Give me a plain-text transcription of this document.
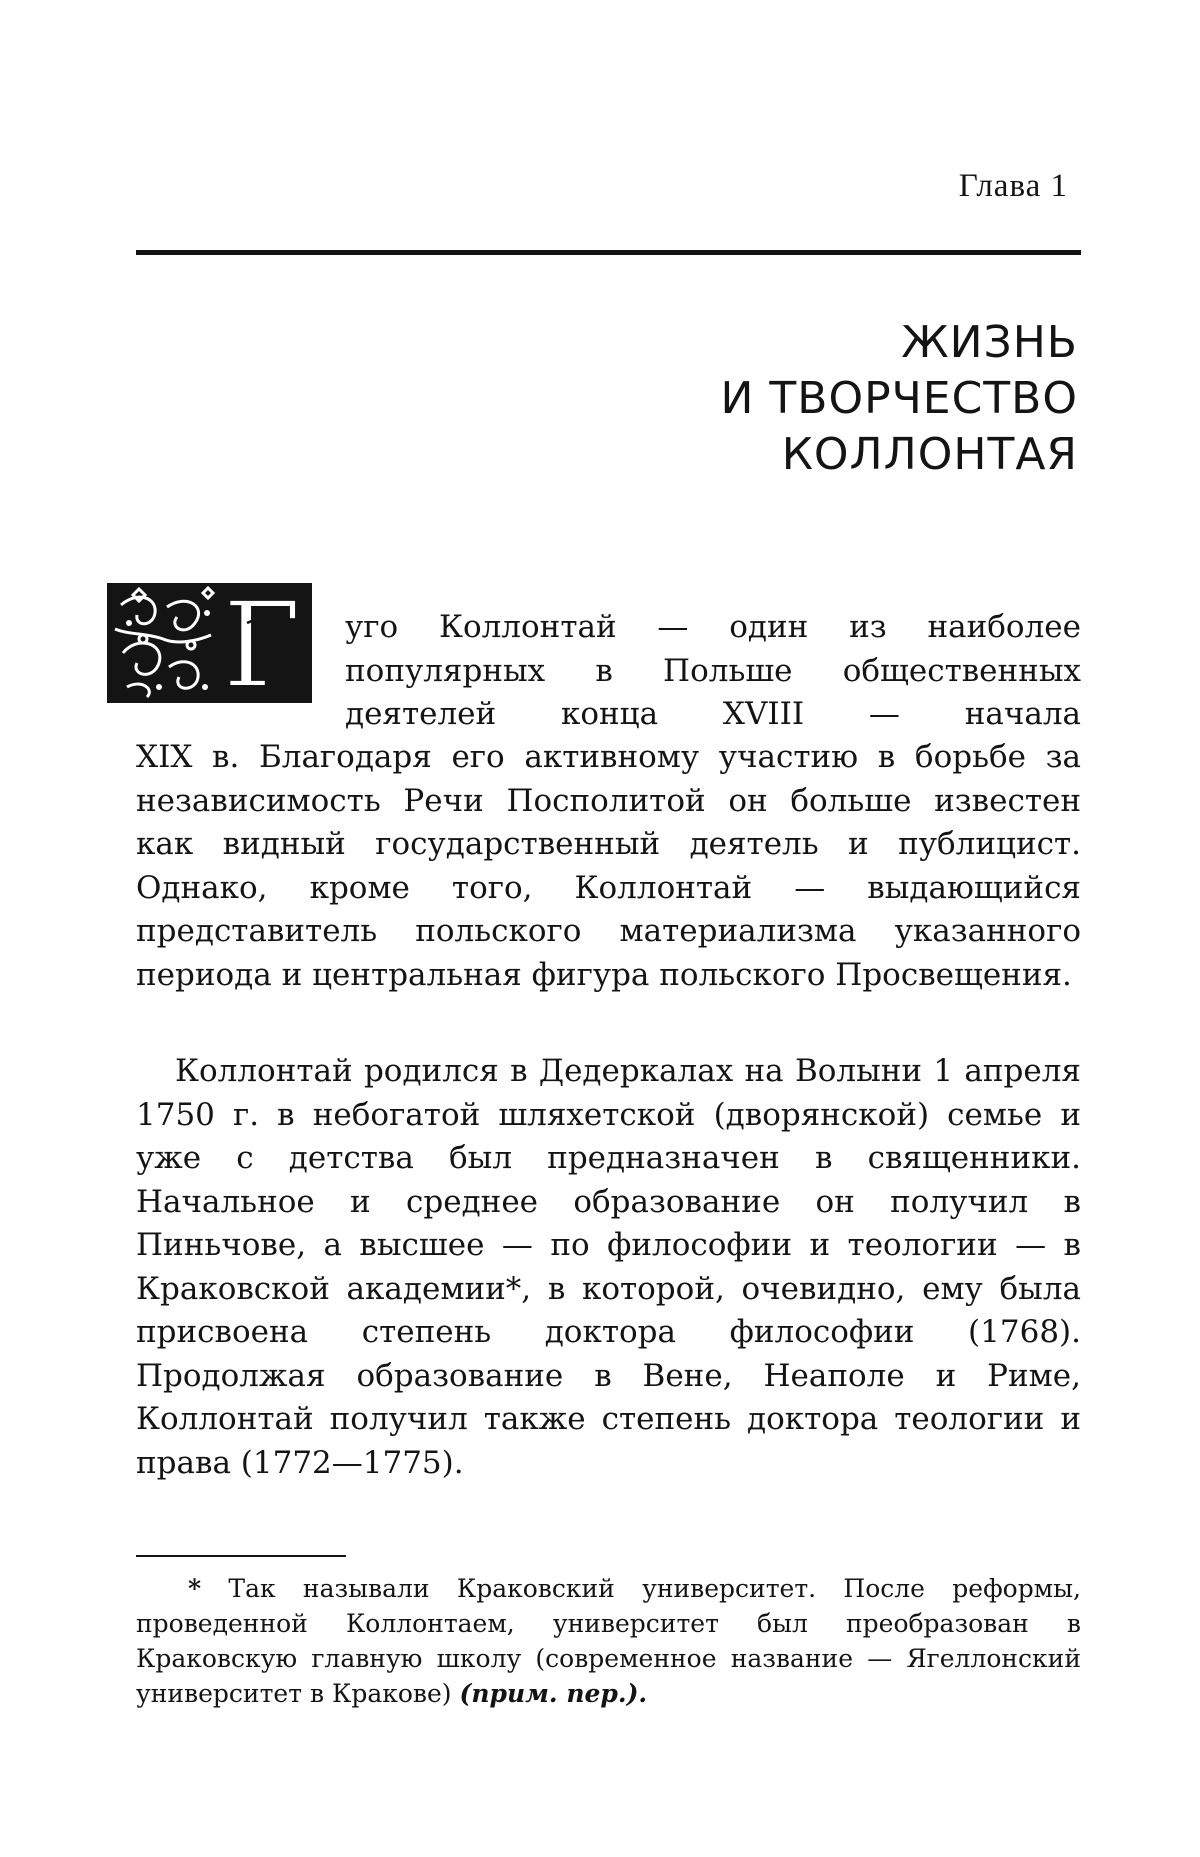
Глава 1
ЖИЗНЬ
И ТВОРЧЕСТВО
КОЛЛОНТАЯ
Г уго Коллонтай — один из наиболее
популярных в Польше общественных
деятелей конца XVIII — начала

XIX в. Благодаря его активному участию в борьбе за независимость Речи Посполитой он больше известен как видный государственный деятель и публицист. Однако, кроме того, Коллонтай — выдающийся представитель польского материализма указанного периода и центральная фигура польского Просвещения.

Коллонтай родился в Дедеркалах на Волыни 1 апреля 1750 г. в небогатой шляхетской (дворянской) семье и уже с детства был предназначен в священники. Начальное и среднее образование он получил в Пиньчове, а высшее — по философии и теологии — в Краковской академии*, в которой, очевидно, ему была присвоена степень доктора философии (1768). Продолжая образование в Вене, Неаполе и Риме, Коллонтай получил также степень доктора теологии и права (1772—1775).

* Так называли Краковский университет. После реформы, проведенной Коллонтаем, университет был преобразован в Краковскую главную школу (современное название — Ягеллонский университет в Кракове) (прим. пер.).
